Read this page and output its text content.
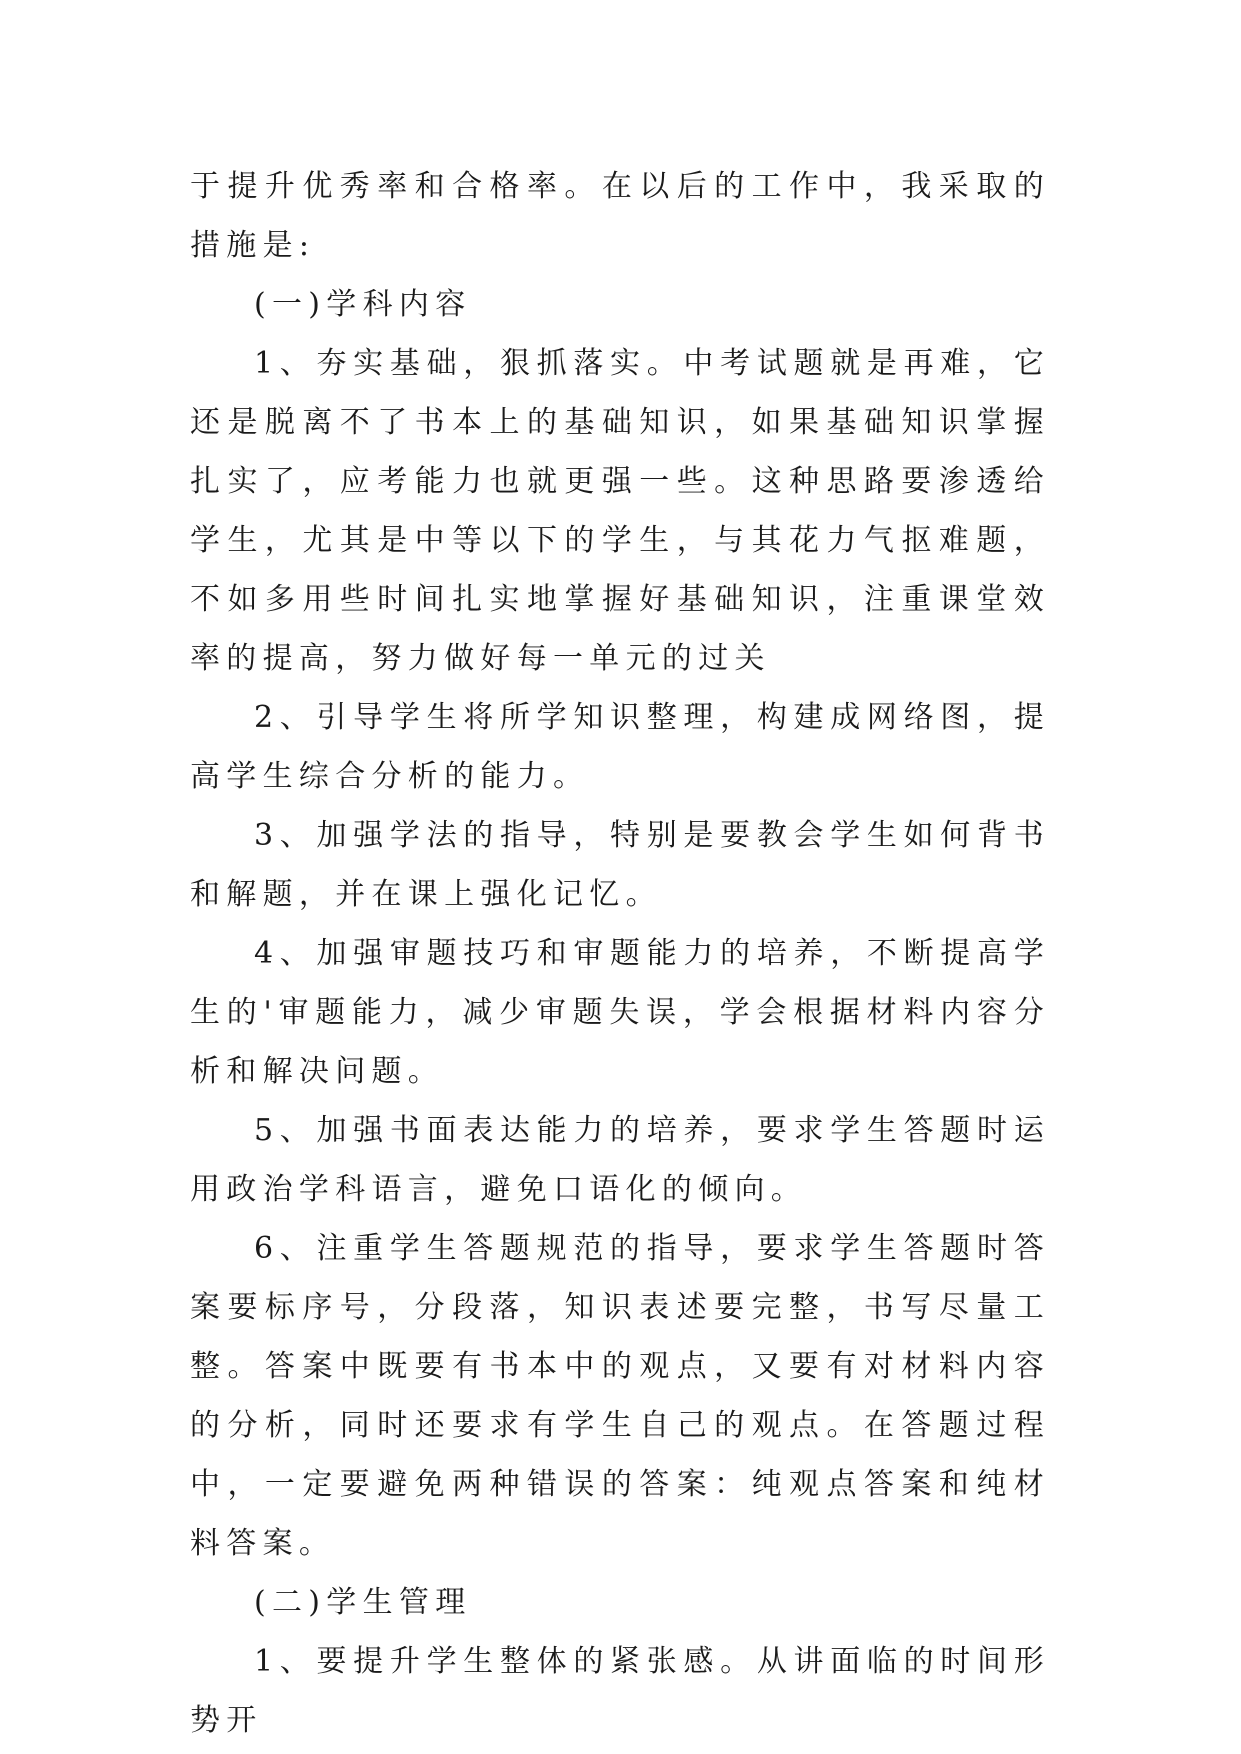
于提升优秀率和合格率。在以后的工作中，我采取的措施是:

(一)学科内容

1、夯实基础，狠抓落实。中考试题就是再难，它还是脱离不了书本上的基础知识，如果基础知识掌握扎实了，应考能力也就更强一些。这种思路要渗透给学生，尤其是中等以下的学生，与其花力气抠难题，不如多用些时间扎实地掌握好基础知识，注重课堂效率的提高，努力做好每一单元的过关

2、引导学生将所学知识整理，构建成网络图，提高学生综合分析的能力。

3、加强学法的指导，特别是要教会学生如何背书和解题，并在课上强化记忆。

4、加强审题技巧和审题能力的培养，不断提高学生的'审题能力，减少审题失误，学会根据材料内容分析和解决问题。

5、加强书面表达能力的培养，要求学生答题时运用政治学科语言，避免口语化的倾向。

6、注重学生答题规范的指导，要求学生答题时答案要标序号，分段落，知识表述要完整，书写尽量工整。答案中既要有书本中的观点，又要有对材料内容的分析，同时还要求有学生自己的观点。在答题过程中，一定要避免两种错误的答案：纯观点答案和纯材料答案。

(二)学生管理

1、要提升学生整体的紧张感。从讲面临的时间形势开
